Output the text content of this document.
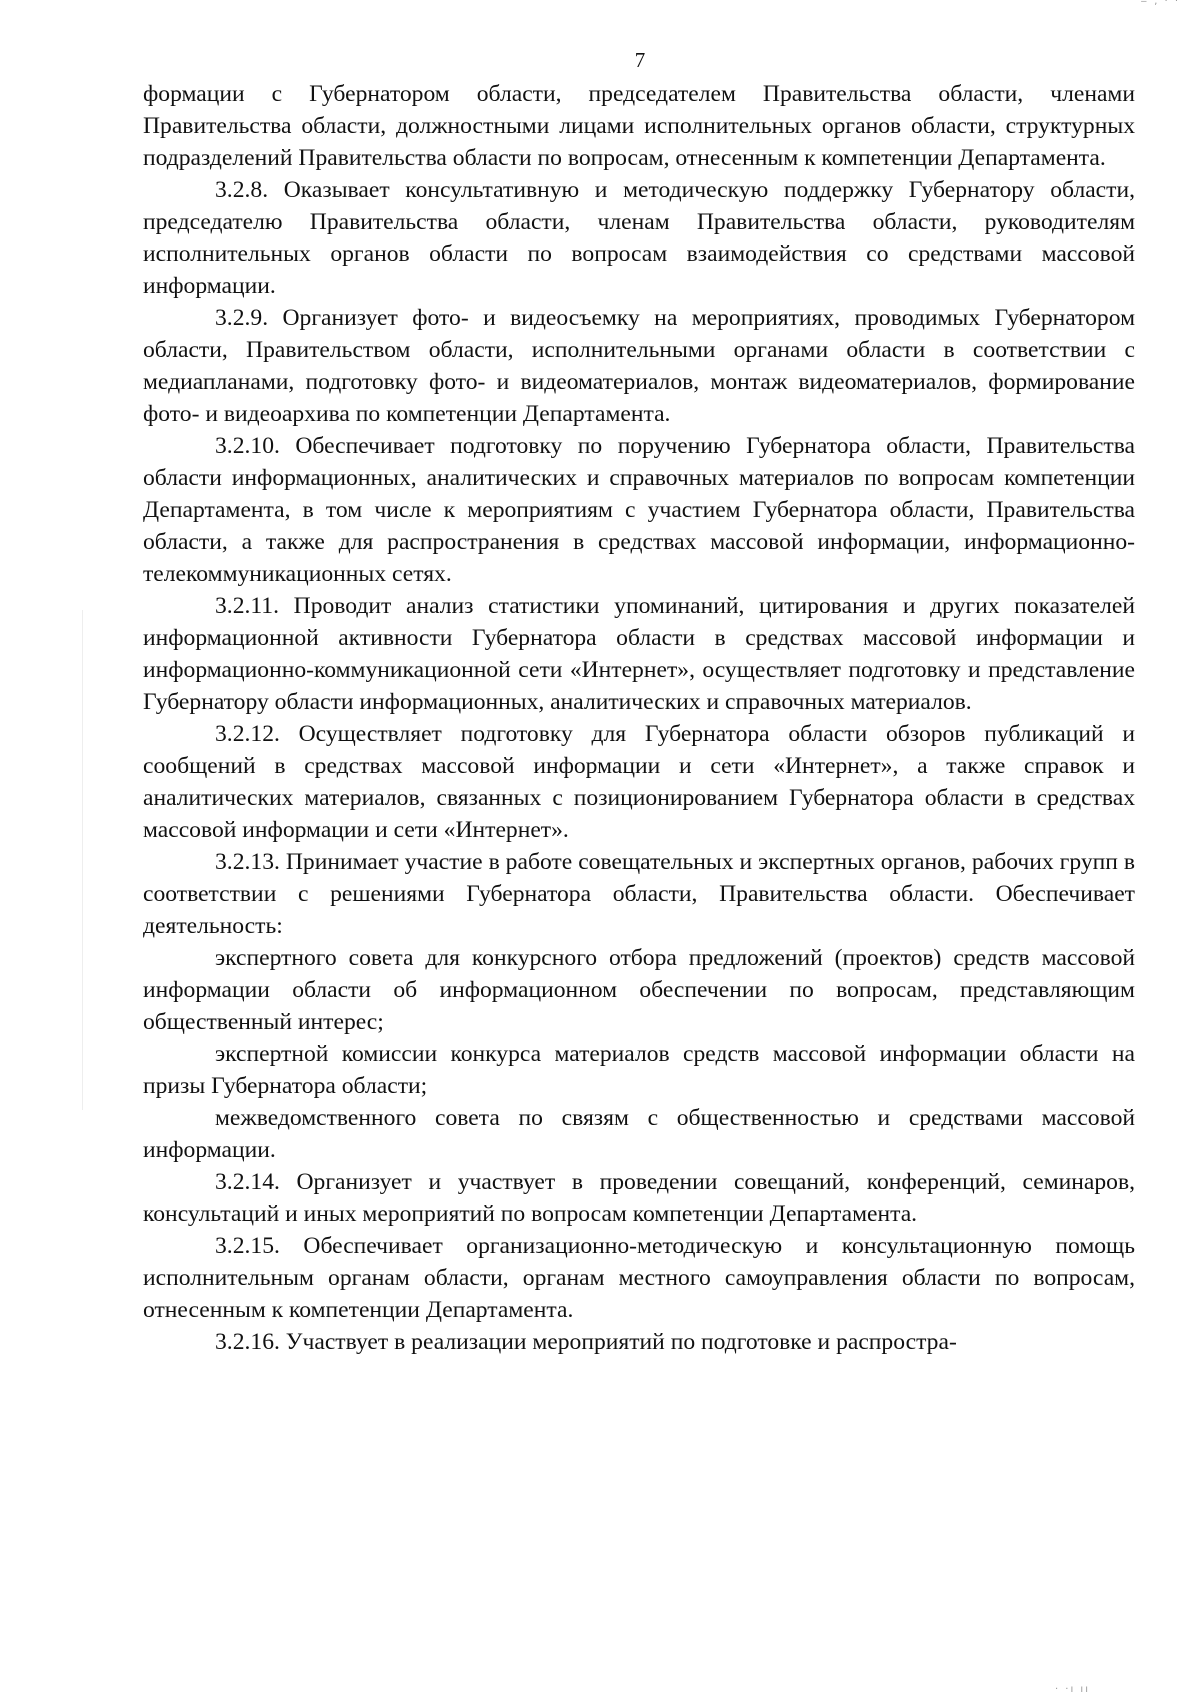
‒ ‚ · ·
7

формации с Губернатором области, председателем Правительства области, членами Правительства области, должностными лицами исполнительных органов области, структурных подразделений Правительства области по вопросам, отнесенным к компетенции Департамента.

3.2.8. Оказывает консультативную и методическую поддержку Губернатору области, председателю Правительства области, членам Правительства области, руководителям исполнительных органов области по вопросам взаимодействия со средствами массовой информации.

3.2.9. Организует фото- и видеосъемку на мероприятиях, проводимых Губернатором области, Правительством области, исполнительными органами области в соответствии с медиапланами, подготовку фото- и видеоматериалов, монтаж видеоматериалов, формирование фото- и видеоархива по компетенции Департамента.

3.2.10. Обеспечивает подготовку по поручению Губернатора области, Правительства области информационных, аналитических и справочных материалов по вопросам компетенции Департамента, в том числе к мероприятиям с участием Губернатора области, Правительства области, а также для распространения в средствах массовой информации, информационно-телекоммуникационных сетях.

3.2.11. Проводит анализ статистики упоминаний, цитирования и других показателей информационной активности Губернатора области в средствах массовой информации и информационно-коммуникационной сети «Интернет», осуществляет подготовку и представление Губернатору области информационных, аналитических и справочных материалов.

3.2.12. Осуществляет подготовку для Губернатора области обзоров публикаций и сообщений в средствах массовой информации и сети «Интернет», а также справок и аналитических материалов, связанных с позиционированием Губернатора области в средствах массовой информации и сети «Интернет».

3.2.13. Принимает участие в работе совещательных и экспертных органов, рабочих групп в соответствии с решениями Губернатора области, Правительства области. Обеспечивает деятельность:

экспертного совета для конкурсного отбора предложений (проектов) средств массовой информации области об информационном обеспечении по вопросам, представляющим общественный интерес;

экспертной комиссии конкурса материалов средств массовой информации области на призы Губернатора области;

межведомственного совета по связям с общественностью и средствами массовой информации.

3.2.14. Организует и участвует в проведении совещаний, конференций, семинаров, консультаций и иных мероприятий по вопросам компетенции Департамента.

3.2.15. Обеспечивает организационно-методическую и консультационную помощь исполнительным органам области, органам местного самоуправления области по вопросам, отнесенным к компетенции Департамента.

3.2.16. Участвует в реализации мероприятий по подготовке и распростра-

· ·ı ıı
